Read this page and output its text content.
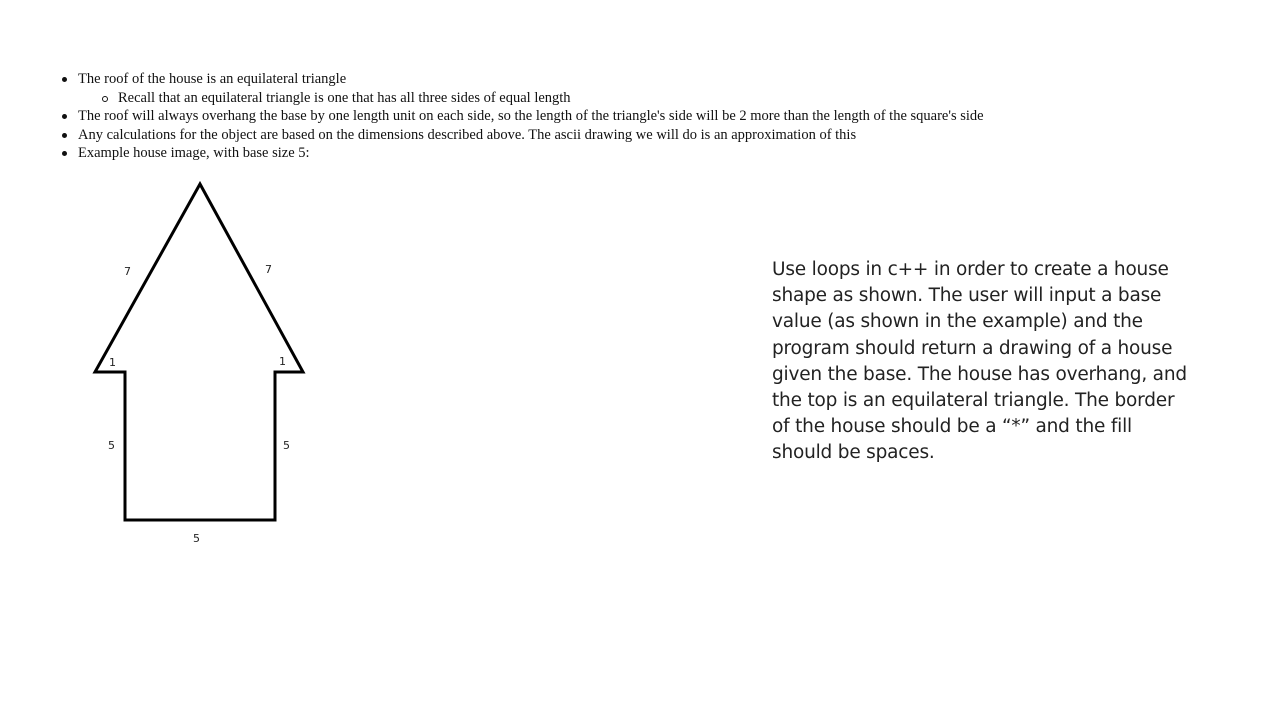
The roof of the house is an equilateral triangle
Recall that an equilateral triangle is one that has all three sides of equal length
The roof will always overhang the base by one length unit on each side, so the length of the triangle's side will be 2 more than the length of the square's side
Any calculations for the object are based on the dimensions described above. The ascii drawing we will do is an approximation of this
Example house image, with base size 5:
7	7
1	1
5	5
5

Use loops in c++ in order to create a house shape as shown. The user will input a base value (as shown in the example) and the program should return a drawing of a house given the base. The house has overhang, and the top is an equilateral triangle. The border of the house should be a “*” and the fill should be spaces.
